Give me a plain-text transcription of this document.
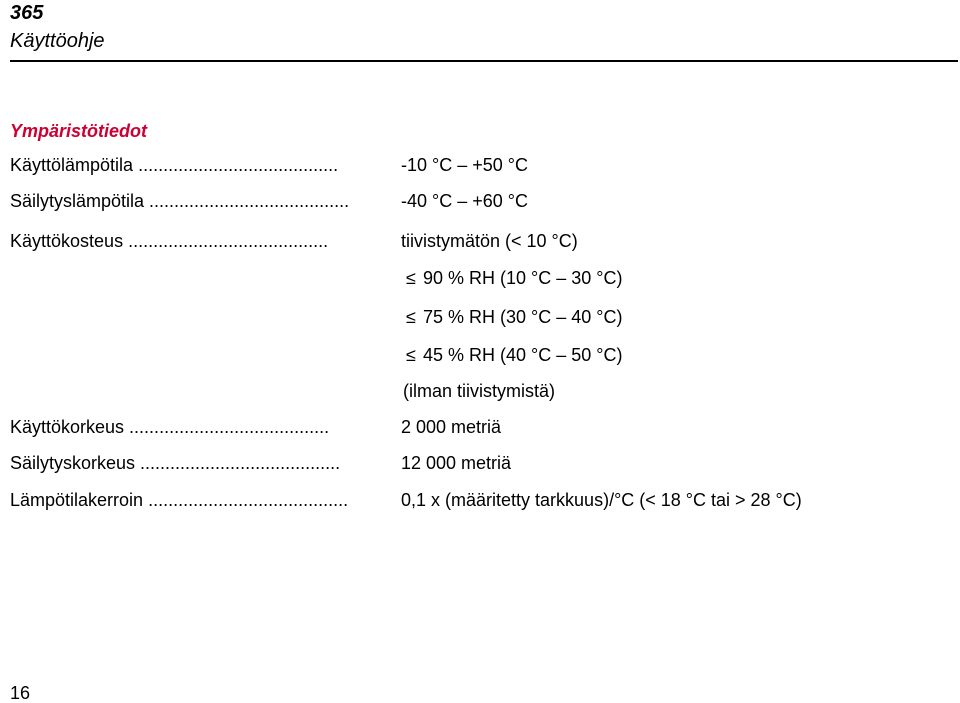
365
Käyttöohje
Ympäristötiedot
Käyttölämpötila ........................................	-10 °C – +50 °C
Säilytyslämpötila ........................................	-40 °C – +60 °C
Käyttökosteus ........................................	tiivistymätön (< 10 °C)
≤ 90 % RH (10 °C – 30 °C)
≤ 75 % RH (30 °C – 40 °C)
≤ 45 % RH (40 °C – 50 °C)
(ilman tiivistymistä)
Käyttökorkeus ........................................	2 000 metriä
Säilytyskorkeus ........................................	12 000 metriä
Lämpötilakerroin ........................................	0,1 x (määritetty tarkkuus)/°C (< 18 °C tai > 28 °C)
16
